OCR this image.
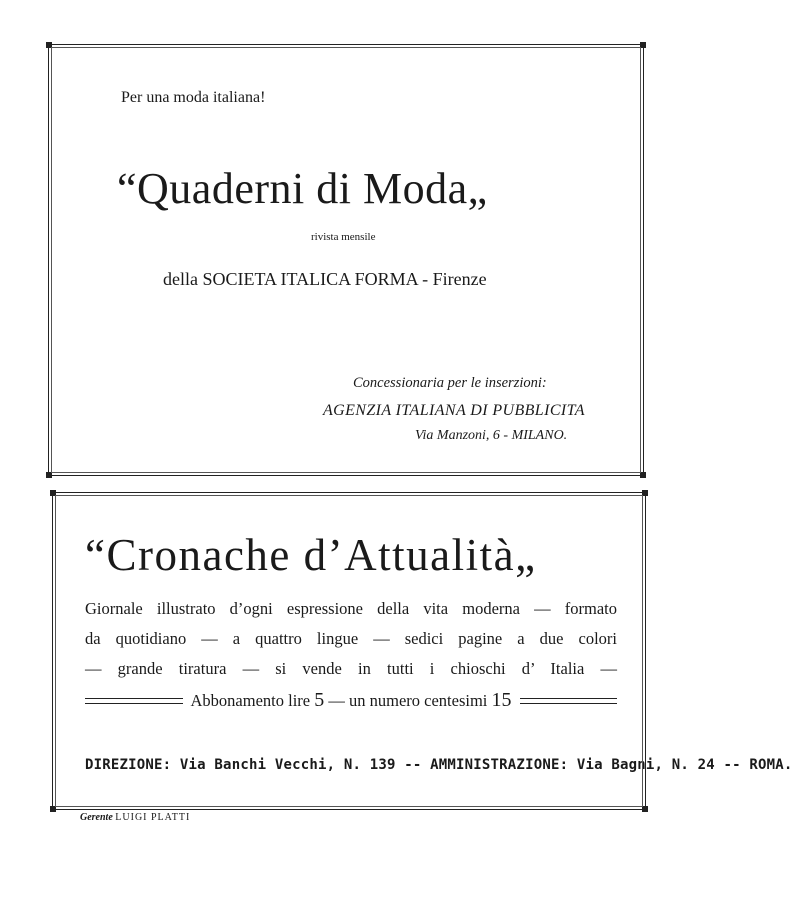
Per una moda italiana!
“Quaderni di Moda„
rivista mensile
della SOCIETA ITALICA FORMA - Firenze
Concessionaria per le inserzioni:
AGENZIA ITALIANA DI PUBBLICITA
Via Manzoni, 6 - MILANO.
“Cronache d’Attualità„
Giornale illustrato d’ogni espressione della vita moderna — formato
da quotidiano — a quattro lingue — sedici pagine a due colori
— grande tiratura — si vende in tutti i chioschi d’ Italia —
Abbonamento lire 5 — un numero centesimi 15
DIREZIONE: Via Banchi Vecchi, N. 139 -- AMMINISTRAZIONE: Via Bagni, N. 24 -- ROMA.
Gerente LUIGI PLATTI
